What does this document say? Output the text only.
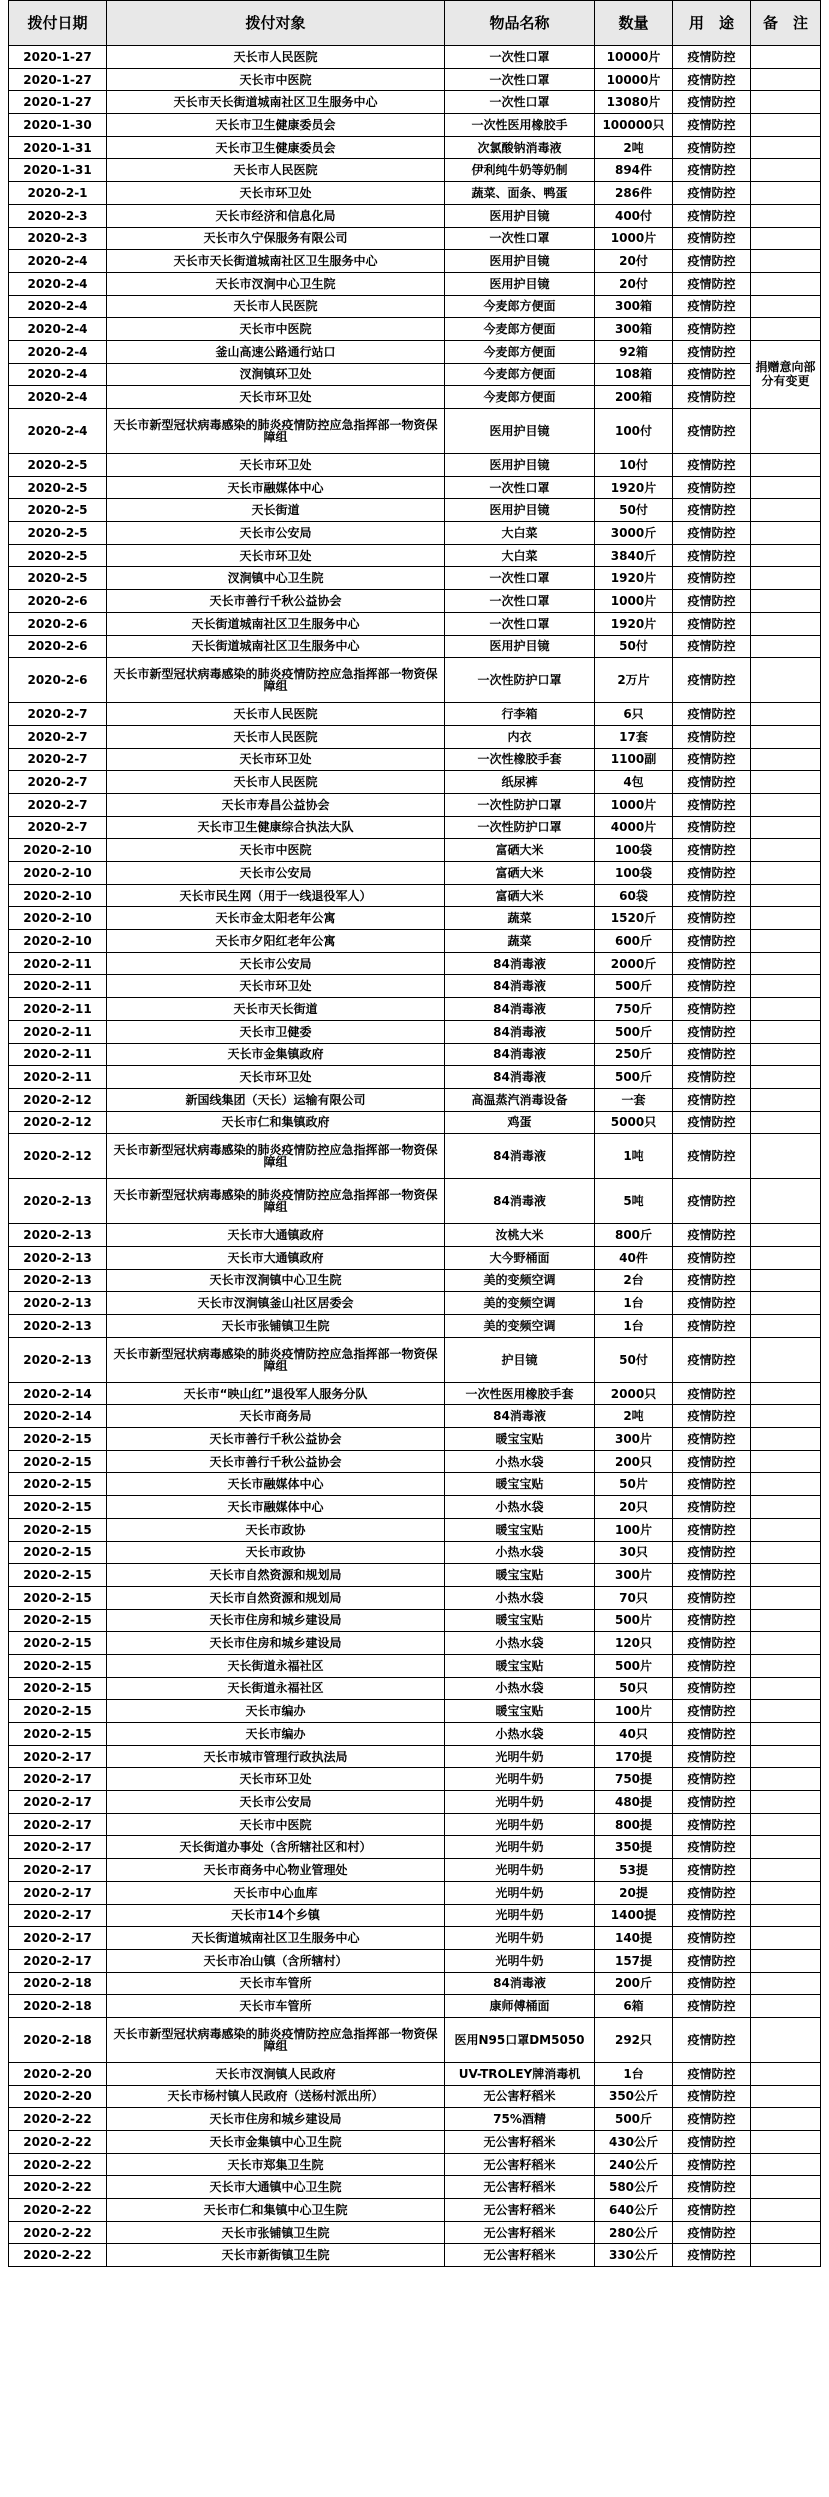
拨付日期	拨付对象	物品名称	数量	用　途	备　注
2020-1-27	天长市人民医院	一次性口罩	10000片	疫情防控	
2020-1-27	天长市中医院	一次性口罩	10000片	疫情防控	
2020-1-27	天长市天长街道城南社区卫生服务中心	一次性口罩	13080片	疫情防控	
2020-1-30	天长市卫生健康委员会	一次性医用橡胶手	100000只	疫情防控	
2020-1-31	天长市卫生健康委员会	次氯酸钠消毒液	2吨	疫情防控	
2020-1-31	天长市人民医院	伊利纯牛奶等奶制	894件	疫情防控	
2020-2-1	天长市环卫处	蔬菜、面条、鸭蛋	286件	疫情防控	
2020-2-3	天长市经济和信息化局	医用护目镜	400付	疫情防控	
2020-2-3	天长市久宁保服务有限公司	一次性口罩	1000片	疫情防控	
2020-2-4	天长市天长街道城南社区卫生服务中心	医用护目镜	20付	疫情防控	
2020-2-4	天长市汊涧中心卫生院	医用护目镜	20付	疫情防控	
2020-2-4	天长市人民医院	今麦郎方便面	300箱	疫情防控	
2020-2-4	天长市中医院	今麦郎方便面	300箱	疫情防控	
2020-2-4	釜山高速公路通行站口	今麦郎方便面	92箱	疫情防控	捐赠意向部分有变更
2020-2-4	汊涧镇环卫处	今麦郎方便面	108箱	疫情防控	
2020-2-4	天长市环卫处	今麦郎方便面	200箱	疫情防控	
2020-2-4	天长市新型冠状病毒感染的肺炎疫情防控应急指挥部一物资保障组	医用护目镜	100付	疫情防控	
2020-2-5	天长市环卫处	医用护目镜	10付	疫情防控	
2020-2-5	天长市融媒体中心	一次性口罩	1920片	疫情防控	
2020-2-5	天长街道	医用护目镜	50付	疫情防控	
2020-2-5	天长市公安局	大白菜	3000斤	疫情防控	
2020-2-5	天长市环卫处	大白菜	3840斤	疫情防控	
2020-2-5	汊涧镇中心卫生院	一次性口罩	1920片	疫情防控	
2020-2-6	天长市善行千秋公益协会	一次性口罩	1000片	疫情防控	
2020-2-6	天长街道城南社区卫生服务中心	一次性口罩	1920片	疫情防控	
2020-2-6	天长街道城南社区卫生服务中心	医用护目镜	50付	疫情防控	
2020-2-6	天长市新型冠状病毒感染的肺炎疫情防控应急指挥部一物资保障组	一次性防护口罩	2万片	疫情防控	
2020-2-7	天长市人民医院	行李箱	6只	疫情防控	
2020-2-7	天长市人民医院	内衣	17套	疫情防控	
2020-2-7	天长市环卫处	一次性橡胶手套	1100副	疫情防控	
2020-2-7	天长市人民医院	纸尿裤	4包	疫情防控	
2020-2-7	天长市寿昌公益协会	一次性防护口罩	1000片	疫情防控	
2020-2-7	天长市卫生健康综合执法大队	一次性防护口罩	4000片	疫情防控	
2020-2-10	天长市中医院	富硒大米	100袋	疫情防控	
2020-2-10	天长市公安局	富硒大米	100袋	疫情防控	
2020-2-10	天长市民生网（用于一线退役军人）	富硒大米	60袋	疫情防控	
2020-2-10	天长市金太阳老年公寓	蔬菜	1520斤	疫情防控	
2020-2-10	天长市夕阳红老年公寓	蔬菜	600斤	疫情防控	
2020-2-11	天长市公安局	84消毒液	2000斤	疫情防控	
2020-2-11	天长市环卫处	84消毒液	500斤	疫情防控	
2020-2-11	天长市天长街道	84消毒液	750斤	疫情防控	
2020-2-11	天长市卫健委	84消毒液	500斤	疫情防控	
2020-2-11	天长市金集镇政府	84消毒液	250斤	疫情防控	
2020-2-11	天长市环卫处	84消毒液	500斤	疫情防控	
2020-2-12	新国线集团（天长）运输有限公司	高温蒸汽消毒设备	一套	疫情防控	
2020-2-12	天长市仁和集镇政府	鸡蛋	5000只	疫情防控	
2020-2-12	天长市新型冠状病毒感染的肺炎疫情防控应急指挥部一物资保障组	84消毒液	1吨	疫情防控	
2020-2-13	天长市新型冠状病毒感染的肺炎疫情防控应急指挥部一物资保障组	84消毒液	5吨	疫情防控	
2020-2-13	天长市大通镇政府	汝桃大米	800斤	疫情防控	
2020-2-13	天长市大通镇政府	大今野桶面	40件	疫情防控	
2020-2-13	天长市汊涧镇中心卫生院	美的变频空调	2台	疫情防控	
2020-2-13	天长市汊涧镇釜山社区居委会	美的变频空调	1台	疫情防控	
2020-2-13	天长市张铺镇卫生院	美的变频空调	1台	疫情防控	
2020-2-13	天长市新型冠状病毒感染的肺炎疫情防控应急指挥部一物资保障组	护目镜	50付	疫情防控	
2020-2-14	天长市“映山红”退役军人服务分队	一次性医用橡胶手套	2000只	疫情防控	
2020-2-14	天长市商务局	84消毒液	2吨	疫情防控	
2020-2-15	天长市善行千秋公益协会	暖宝宝贴	300片	疫情防控	
2020-2-15	天长市善行千秋公益协会	小热水袋	200只	疫情防控	
2020-2-15	天长市融媒体中心	暖宝宝贴	50片	疫情防控	
2020-2-15	天长市融媒体中心	小热水袋	20只	疫情防控	
2020-2-15	天长市政协	暖宝宝贴	100片	疫情防控	
2020-2-15	天长市政协	小热水袋	30只	疫情防控	
2020-2-15	天长市自然资源和规划局	暖宝宝贴	300片	疫情防控	
2020-2-15	天长市自然资源和规划局	小热水袋	70只	疫情防控	
2020-2-15	天长市住房和城乡建设局	暖宝宝贴	500片	疫情防控	
2020-2-15	天长市住房和城乡建设局	小热水袋	120只	疫情防控	
2020-2-15	天长街道永福社区	暖宝宝贴	500片	疫情防控	
2020-2-15	天长街道永福社区	小热水袋	50只	疫情防控	
2020-2-15	天长市编办	暖宝宝贴	100片	疫情防控	
2020-2-15	天长市编办	小热水袋	40只	疫情防控	
2020-2-17	天长市城市管理行政执法局	光明牛奶	170提	疫情防控	
2020-2-17	天长市环卫处	光明牛奶	750提	疫情防控	
2020-2-17	天长市公安局	光明牛奶	480提	疫情防控	
2020-2-17	天长市中医院	光明牛奶	800提	疫情防控	
2020-2-17	天长街道办事处（含所辖社区和村）	光明牛奶	350提	疫情防控	
2020-2-17	天长市商务中心物业管理处	光明牛奶	53提	疫情防控	
2020-2-17	天长市中心血库	光明牛奶	20提	疫情防控	
2020-2-17	天长市14个乡镇	光明牛奶	1400提	疫情防控	
2020-2-17	天长街道城南社区卫生服务中心	光明牛奶	140提	疫情防控	
2020-2-17	天长市冶山镇（含所辖村）	光明牛奶	157提	疫情防控	
2020-2-18	天长市车管所	84消毒液	200斤	疫情防控	
2020-2-18	天长市车管所	康师傅桶面	6箱	疫情防控	
2020-2-18	天长市新型冠状病毒感染的肺炎疫情防控应急指挥部一物资保障组	医用N95口罩DM5050	292只	疫情防控	
2020-2-20	天长市汊涧镇人民政府	UV-TROLEY牌消毒机	1台	疫情防控	
2020-2-20	天长市杨村镇人民政府（送杨村派出所）	无公害籽稻米	350公斤	疫情防控	
2020-2-22	天长市住房和城乡建设局	75%酒精	500斤	疫情防控	
2020-2-22	天长市金集镇中心卫生院	无公害籽稻米	430公斤	疫情防控	
2020-2-22	天长市郑集卫生院	无公害籽稻米	240公斤	疫情防控	
2020-2-22	天长市大通镇中心卫生院	无公害籽稻米	580公斤	疫情防控	
2020-2-22	天长市仁和集镇中心卫生院	无公害籽稻米	640公斤	疫情防控	
2020-2-22	天长市张铺镇卫生院	无公害籽稻米	280公斤	疫情防控	
2020-2-22	天长市新街镇卫生院	无公害籽稻米	330公斤	疫情防控	
